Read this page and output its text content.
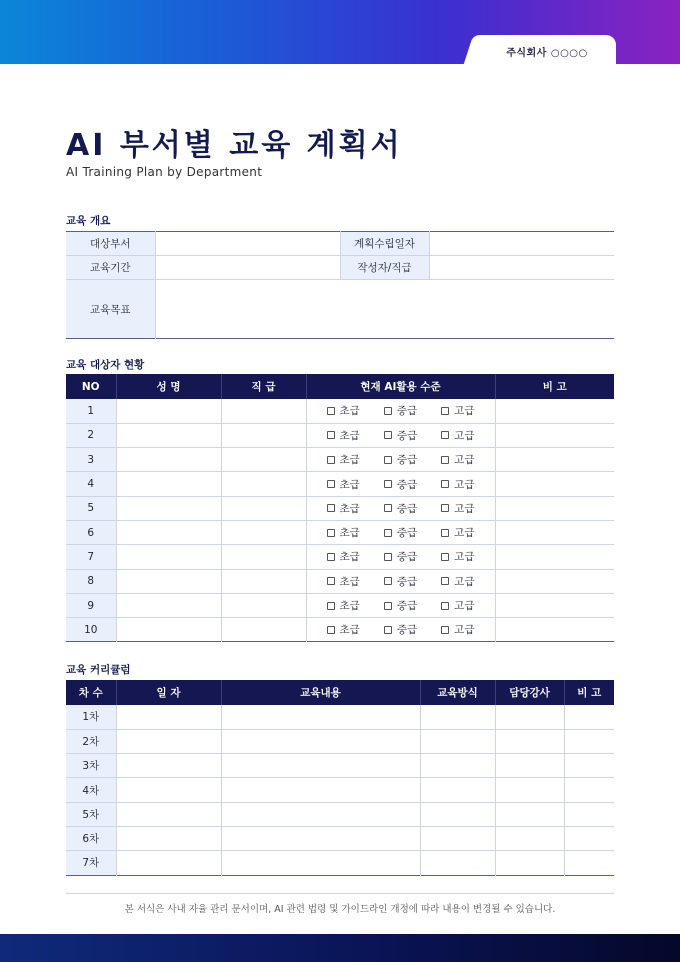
주식회사 ○○○○
AI 부서별 교육 계획서
AI Training Plan by Department
교육 개요
대상부서		계획수립일자	
교육기간		작성자/직급	
교육목표			
교육 대상자 현황
NO	성 명	직 급	현재 AI활용 수준	비 고
1			초급 중급 고급	

2			초급 중급 고급	

3			초급 중급 고급	

4			초급 중급 고급	

5			초급 중급 고급	

6			초급 중급 고급	

7			초급 중급 고급	

8			초급 중급 고급	

9			초급 중급 고급	

10			초급 중급 고급	

교육 커리큘럼
차 수	일 자	교육내용	교육방식	담당강사	비 고
1차					
2차					
3차					
4차					
5차					
6차					
7차					
본 서식은 사내 자율 관리 문서이며, AI 관련 법령 및 가이드라인 개정에 따라 내용이 변경될 수 있습니다.
